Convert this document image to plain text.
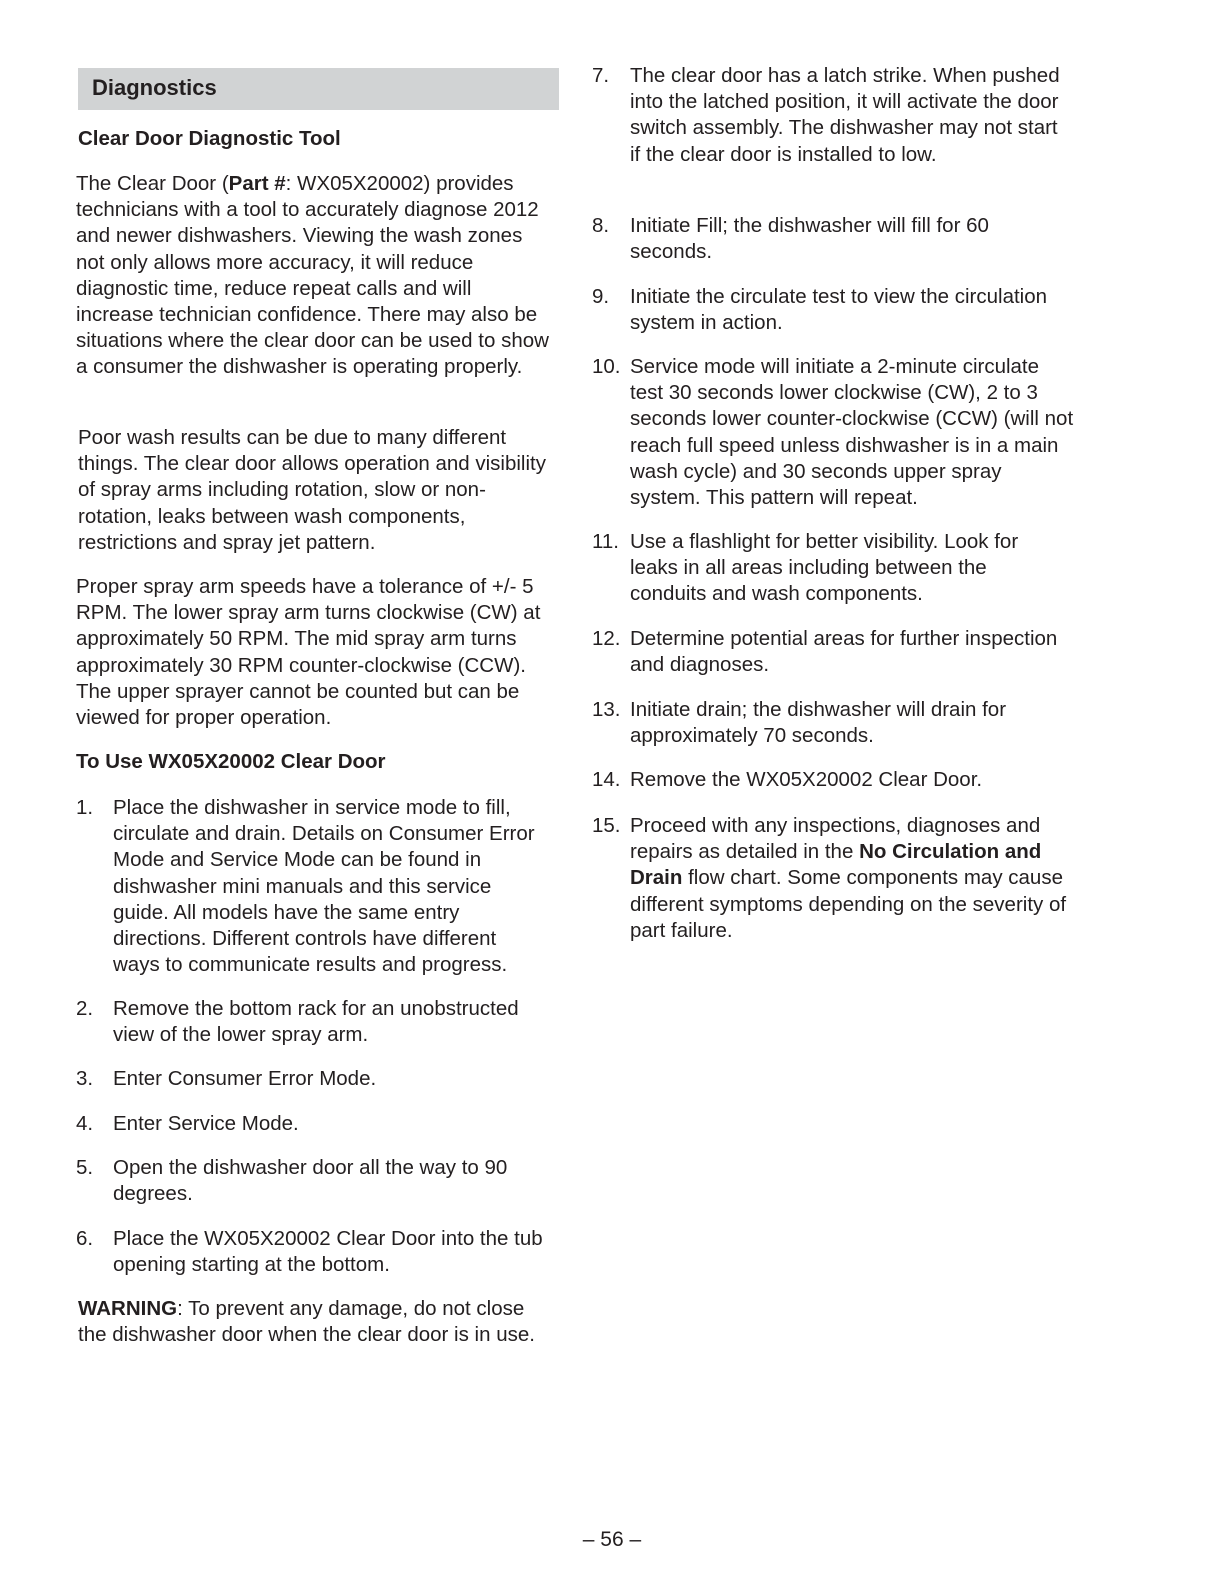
Diagnostics
Clear Door Diagnostic Tool

The Clear Door (Part #: WX05X20002) provides technicians with a tool to accurately diagnose 2012 and newer dishwashers. Viewing the wash zones not only allows more accuracy, it will reduce diagnostic time, reduce repeat calls and will increase technician confidence. There may also be situations where the clear door can be used to show a consumer the dishwasher is operating properly.

Poor wash results can be due to many different things. The clear door allows operation and visibility of spray arms including rotation, slow or non-rotation, leaks between wash components, restrictions and spray jet pattern.

Proper spray arm speeds have a tolerance of +/- 5 RPM. The lower spray arm turns clockwise (CW) at approximately 50 RPM. The mid spray arm turns approximately 30 RPM counter-clockwise (CCW). The upper sprayer cannot be counted but can be viewed for proper operation.

To Use WX05X20002 Clear Door
1. Place the dishwasher in service mode to fill, circulate and drain. Details on Consumer Error Mode and Service Mode can be found in dishwasher mini manuals and this service guide. All models have the same entry directions. Different controls have different ways to communicate results and progress.
2. Remove the bottom rack for an unobstructed view of the lower spray arm.
3. Enter Consumer Error Mode.
4. Enter Service Mode.
5. Open the dishwasher door all the way to 90 degrees.
6. Place the WX05X20002 Clear Door into the tub opening starting at the bottom.

WARNING: To prevent any damage, do not close the dishwasher door when the clear door is in use.

7.	The clear door has a latch strike. When pushed into the latched position, it will activate the door switch assembly. The dishwasher may not start if the clear door is installed to low.
8.	Initiate Fill; the dishwasher will fill for 60 seconds.
9.	Initiate the circulate test to view the circulation system in action.
10. Service mode will initiate a 2-minute circulate test 30 seconds lower clockwise (CW), 2 to 3 seconds lower counter-clockwise (CCW) (will not reach full speed unless dishwasher is in a main wash cycle) and 30 seconds upper spray system. This pattern will repeat.
11. Use a flashlight for better visibility. Look for leaks in all areas including between the conduits and wash components.
12. Determine potential areas for further inspection and diagnoses.
13. Initiate drain; the dishwasher will drain for approximately 70 seconds.
14. Remove the WX05X20002 Clear Door.
15. Proceed with any inspections, diagnoses and repairs as detailed in the No Circulation and Drain flow chart. Some components may cause different symptoms depending on the severity of part failure.
– 56 –
